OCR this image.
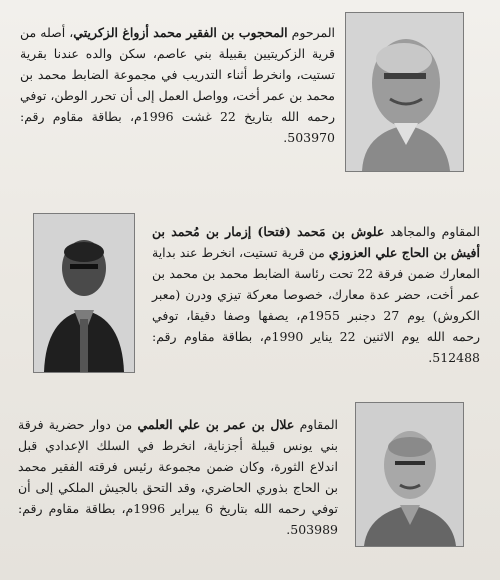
المرحوم المحجوب بن الفقير محمد أزواغ الزكريتي، أصله من قرية الزكريتيين بقبيلة بني عاصم، سكن والده عندنا بقرية تستيت، وانخرط أثناء التدريب في مجموعة الضابط محمد بن محمد بن عمر أخت، وواصل العمل إلى أن تحرر الوطن، توفي رحمه الله بتاريخ 22 غشت 1996م، بطاقة مقاوم رقم: 503970.
المقاوم والمجاهد علوش بن مَحمد (فتحا) إزمار بن مُحمد بن أفيش بن الحاج علي العزوزي من قرية تستيت، انخرط عند بداية المعارك ضمن فرقة 22 تحت رئاسة الضابط محمد بن محمد بن عمر أخت، حضر عدة معارك، خصوصا معركة تيزي ودرن (معبر الكروش) يوم 27 دجنبر 1955م، يصفها وصفا دقيقا، توفي رحمه الله يوم الاثنين 22 يناير 1990م، بطاقة مقاوم رقم: 512488.
المقاوم علال بن عمر بن علي العلمي من دوار حضرية فرقة بني يونس قبيلة أجزناية، انخرط في السلك الإعدادي قبل اندلاع الثورة، وكان ضمن مجموعة رئيس فرقته الفقير محمد بن الحاج بذوري الحاضري، وقد التحق بالجيش الملكي إلى أن توفي رحمه الله بتاريخ 6 يبراير 1996م، بطاقة مقاوم رقم: 503989.
